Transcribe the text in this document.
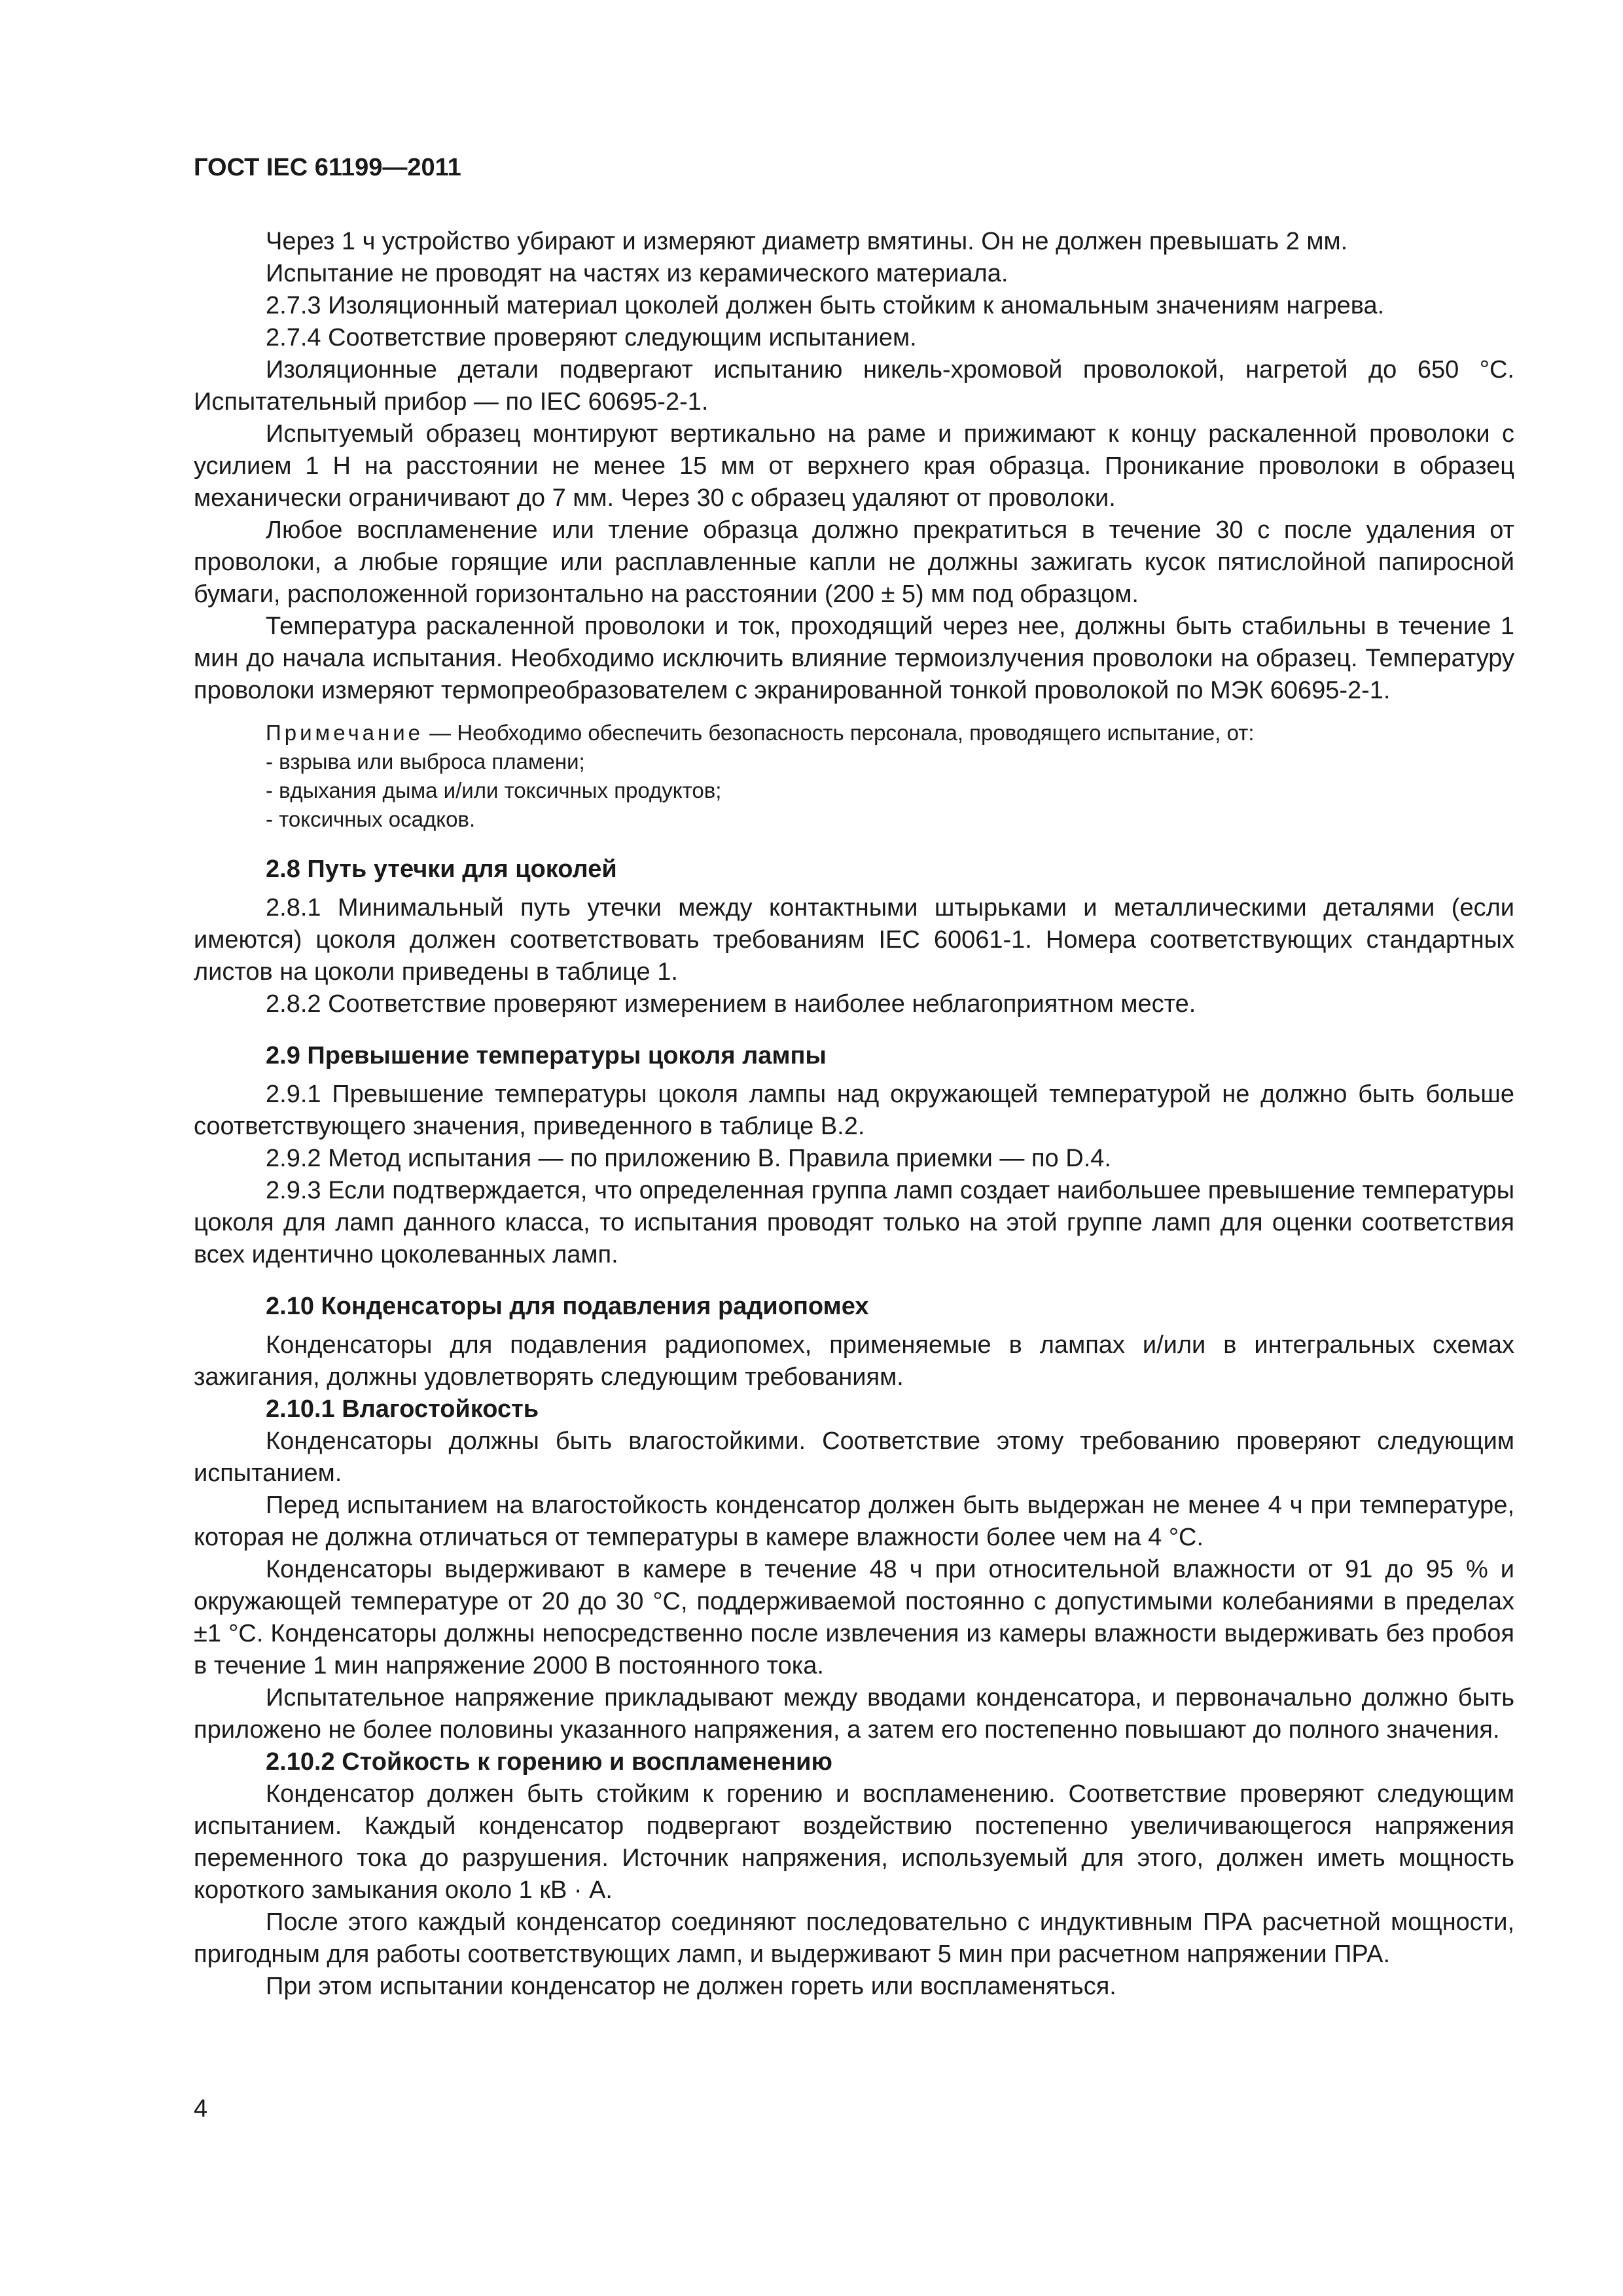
ГОСТ IEC 61199—2011

Через 1 ч устройство убирают и измеряют диаметр вмятины. Он не должен превышать 2 мм.

Испытание не проводят на частях из керамического материала.

2.7.3 Изоляционный материал цоколей должен быть стойким к аномальным значениям нагрева.

2.7.4 Соответствие проверяют следующим испытанием.

Изоляционные детали подвергают испытанию никель-хромовой проволокой, нагретой до 650 °С. Испытательный прибор — по IEC 60695-2-1.

Испытуемый образец монтируют вертикально на раме и прижимают к концу раскаленной проволоки с усилием 1 Н на расстоянии не менее 15 мм от верхнего края образца. Проникание проволоки в образец механически ограничивают до 7 мм. Через 30 с образец удаляют от проволоки.

Любое воспламенение или тление образца должно прекратиться в течение 30 с после удаления от проволоки, а любые горящие или расплавленные капли не должны зажигать кусок пятислойной папиросной бумаги, расположенной горизонтально на расстоянии (200 ± 5) мм под образцом.

Температура раскаленной проволоки и ток, проходящий через нее, должны быть стабильны в течение 1 мин до начала испытания. Необходимо исключить влияние термоизлучения проволоки на образец. Температуру проволоки измеряют термопреобразователем с экранированной тонкой проволокой по МЭК 60695-2-1.

Примечание — Необходимо обеспечить безопасность персонала, проводящего испытание, от:
- взрыва или выброса пламени;
- вдыхания дыма и/или токсичных продуктов;
- токсичных осадков.
2.8 Путь утечки для цоколей

2.8.1 Минимальный путь утечки между контактными штырьками и металлическими деталями (если имеются) цоколя должен соответствовать требованиям IEC 60061-1. Номера соответствующих стандартных листов на цоколи приведены в таблице 1.

2.8.2 Соответствие проверяют измерением в наиболее неблагоприятном месте.

2.9 Превышение температуры цоколя лампы

2.9.1 Превышение температуры цоколя лампы над окружающей температурой не должно быть больше соответствующего значения, приведенного в таблице В.2.

2.9.2 Метод испытания — по приложению В. Правила приемки — по D.4.

2.9.3 Если подтверждается, что определенная группа ламп создает наибольшее превышение температуры цоколя для ламп данного класса, то испытания проводят только на этой группе ламп для оценки соответствия всех идентично цоколеванных ламп.

2.10 Конденсаторы для подавления радиопомех

Конденсаторы для подавления радиопомех, применяемые в лампах и/или в интегральных схемах зажигания, должны удовлетворять следующим требованиям.

2.10.1 Влагостойкость

Конденсаторы должны быть влагостойкими. Соответствие этому требованию проверяют следующим испытанием.

Перед испытанием на влагостойкость конденсатор должен быть выдержан не менее 4 ч при температуре, которая не должна отличаться от температуры в камере влажности более чем на 4 °С.

Конденсаторы выдерживают в камере в течение 48 ч при относительной влажности от 91 до 95 % и окружающей температуре от 20 до 30 °С, поддерживаемой постоянно с допустимыми колебаниями в пределах ±1 °С. Конденсаторы должны непосредственно после извлечения из камеры влажности выдерживать без пробоя в течение 1 мин напряжение 2000 В постоянного тока.

Испытательное напряжение прикладывают между вводами конденсатора, и первоначально должно быть приложено не более половины указанного напряжения, а затем его постепенно повышают до полного значения.

2.10.2 Стойкость к горению и воспламенению

Конденсатор должен быть стойким к горению и воспламенению. Соответствие проверяют следующим испытанием. Каждый конденсатор подвергают воздействию постепенно увеличивающегося напряжения переменного тока до разрушения. Источник напряжения, используемый для этого, должен иметь мощность короткого замыкания около 1 кВ · А.

После этого каждый конденсатор соединяют последовательно с индуктивным ПРА расчетной мощности, пригодным для работы соответствующих ламп, и выдерживают 5 мин при расчетном напряжении ПРА.

При этом испытании конденсатор не должен гореть или воспламеняться.

4
